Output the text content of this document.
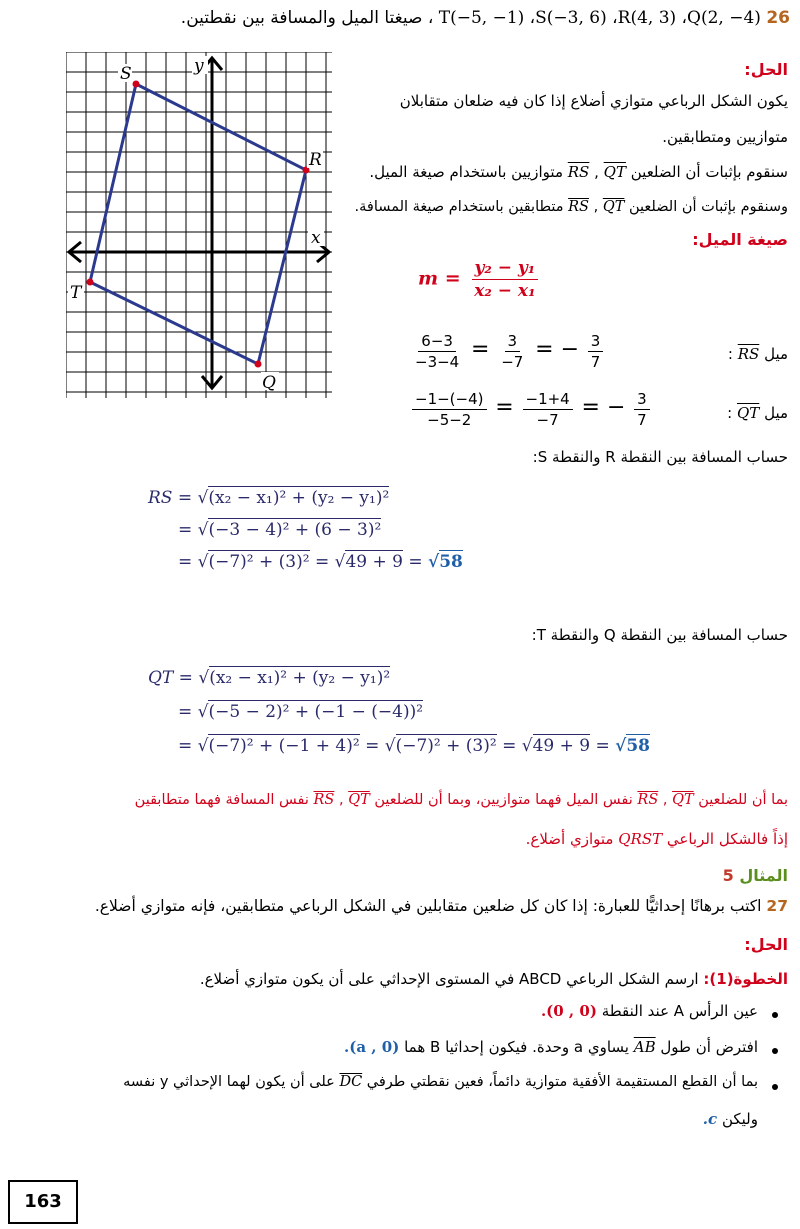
26 T(−5, −1) ،S(−3, 6) ،R(4, 3) ،Q(2, −4) ، صيغتا الميل والمسافة بين نقطتين.
S
R
T
Q
x
y	الحل:
يكون الشكل الرباعي متوازي أضلاع إذا كان فيه ضلعان متقابلان
متوازيين ومتطابقين.
سنقوم بإثبات أن الضلعين RS , QT متوازيين باستخدام صيغة الميل.
وسنقوم بإثبات أن الضلعين RS , QT متطابقين باستخدام صيغة المسافة.
صيغة الميل:
$m = \frac{\text{y₂ − y₁}}{\text{x₂ − x₁}}$
$\frac{6-3}{-3-4} = \frac{3}{-7}$ = − $\frac{3}{7}$	ميل RS :
$\frac{-1-(-4)}{-5-2} = \frac{-1+4}{-7}$ = − $\frac{3}{7}$	ميل QT :
حساب المسافة بين النقطة R والنقطة S:
RS = √(x₂ − x₁)² + (y₂ − y₁)²
= √(−3 − 4)² + (6 − 3)²
= √(−7)² + (3)² = √49 + 9 = √58
حساب المسافة بين النقطة Q والنقطة T:
QT = √(x₂ − x₁)² + (y₂ − y₁)²
= √(−5 − 2)² + (−1 − (−4))²
= √(−7)² + (−1 + 4)² = √(−7)² + (3)² = √49 + 9 = √58
بما أن للضلعين RS , QT نفس الميل فهما متوازيين، وبما أن للضلعين RS , QT نفس المسافة فهما متطابقين
إذاً فالشكل الرباعي QRST متوازي أضلاع.
المثال 5
27 اكتب برهانًا إحداثيًّا للعبارة: إذا كان كل ضلعين متقابلين في الشكل الرباعي متطابقين، فإنه متوازي أضلاع.
الحل:
الخطوة(1): ارسم الشكل الرباعي ABCD في المستوى الإحداثي على أن يكون متوازي أضلاع.
عين الرأس A عند النقطة (0 , 0).
افترض أن طول AB يساوي a وحدة. فيكون إحداثيا B هما (a , 0).
بما أن القطع المستقيمة الأفقية متوازية دائماً، فعين نقطتي طرفي DC على أن يكون لهما الإحداثي y نفسه
وليكن c.
163
